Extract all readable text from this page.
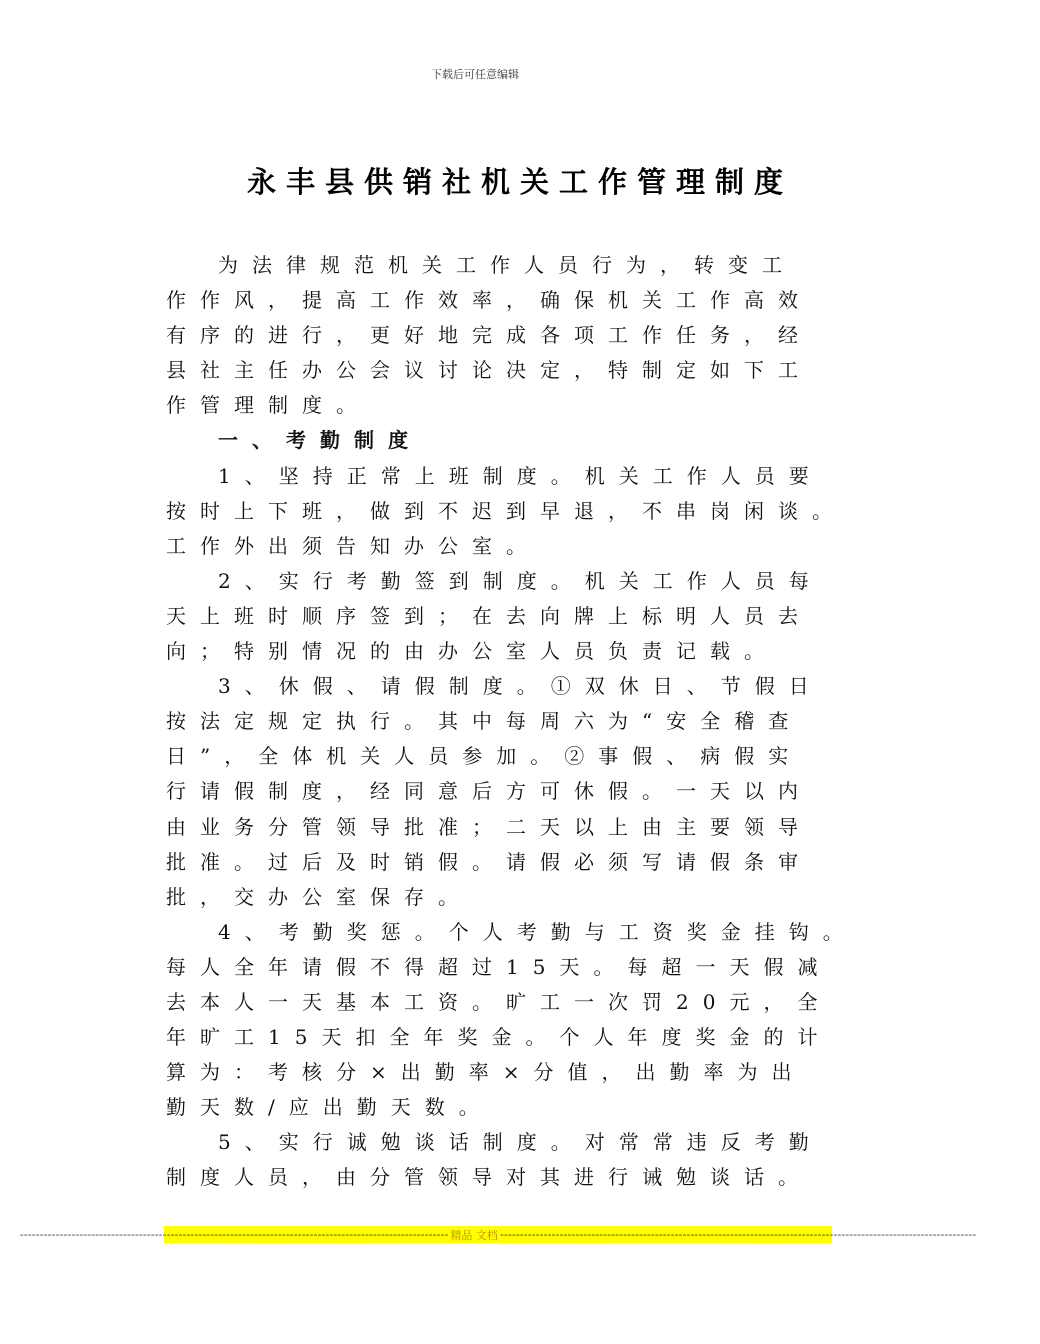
下载后可任意编辑
永丰县供销社机关工作管理制度
为法律规范机关工作人员行为，转变工
作作风，提高工作效率，确保机关工作高效
有序的进行，更好地完成各项工作任务，经
县社主任办公会议讨论决定，特制定如下工
作管理制度。
一、考勤制度
1、坚持正常上班制度。机关工作人员要
按时上下班，做到不迟到早退，不串岗闲谈。
工作外出须告知办公室。
2、实行考勤签到制度。机关工作人员每
天上班时顺序签到；在去向牌上标明人员去
向；特别情况的由办公室人员负责记载。
3、休假、请假制度。①双休日、节假日
按法定规定执行。其中每周六为“安全稽查
日”，全体机关人员参加。②事假、病假实
行请假制度，经同意后方可休假。一天以内
由业务分管领导批准；二天以上由主要领导
批准。过后及时销假。请假必须写请假条审
批，交办公室保存。
4、考勤奖惩。个人考勤与工资奖金挂钩。
每人全年请假不得超过15天。每超一天假减
去本人一天基本工资。旷工一次罚20元，全
年旷工15天扣全年奖金。个人年度奖金的计
算为：考核分×出勤率×分值，出勤率为出
勤天数/应出勤天数。
5、实行诚勉谈话制度。对常常违反考勤
制度人员，由分管领导对其进行诫勉谈话。
------------------------------------------------------------------------------------------------------------ 精品 文档 ------------------------------------------------------------------------------------------------------------------------
